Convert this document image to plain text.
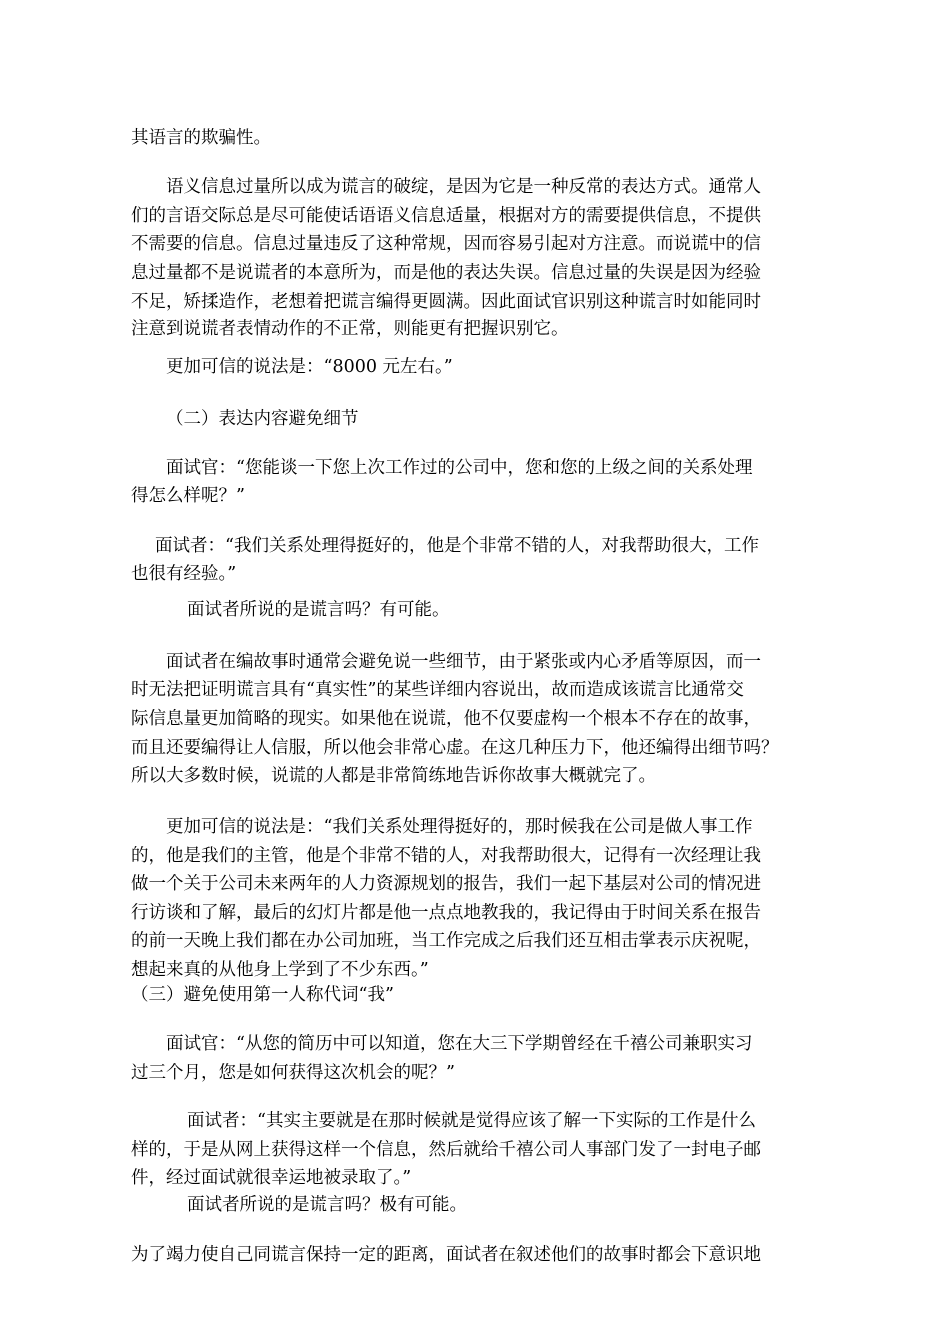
其语言的欺骗性。
语义信息过量所以成为谎言的破绽，是因为它是一种反常的表达方式。通常人
们的言语交际总是尽可能使话语语义信息适量，根据对方的需要提供信息，不提供
不需要的信息。信息过量违反了这种常规，因而容易引起对方注意。而说谎中的信
息过量都不是说谎者的本意所为，而是他的表达失误。信息过量的失误是因为经验
不足，矫揉造作，老想着把谎言编得更圆满。因此面试官识别这种谎言时如能同时
注意到说谎者表情动作的不正常，则能更有把握识别它。
更加可信的说法是：“8000 元左右。”
（二）表达内容避免细节
面试官：“您能谈一下您上次工作过的公司中，您和您的上级之间的关系处理
得怎么样呢？”
面试者：“我们关系处理得挺好的，他是个非常不错的人，对我帮助很大，工作
也很有经验。”
面试者所说的是谎言吗？有可能。
面试者在编故事时通常会避免说一些细节，由于紧张或内心矛盾等原因，而一
时无法把证明谎言具有“真实性”的某些详细内容说出，故而造成该谎言比通常交
际信息量更加简略的现实。如果他在说谎，他不仅要虚构一个根本不存在的故事，
而且还要编得让人信服，所以他会非常心虚。在这几种压力下，他还编得出细节吗？
所以大多数时候，说谎的人都是非常简练地告诉你故事大概就完了。
更加可信的说法是：“我们关系处理得挺好的，那时候我在公司是做人事工作
的，他是我们的主管，他是个非常不错的人，对我帮助很大，记得有一次经理让我
做一个关于公司未来两年的人力资源规划的报告，我们一起下基层对公司的情况进
行访谈和了解，最后的幻灯片都是他一点点地教我的，我记得由于时间关系在报告
的前一天晚上我们都在办公司加班，当工作完成之后我们还互相击掌表示庆祝呢，
想起来真的从他身上学到了不少东西。”
（三）避免使用第一人称代词“我”
面试官：“从您的简历中可以知道，您在大三下学期曾经在千禧公司兼职实习
过三个月，您是如何获得这次机会的呢？”
面试者：“其实主要就是在那时候就是觉得应该了解一下实际的工作是什么
样的，于是从网上获得这样一个信息，然后就给千禧公司人事部门发了一封电子邮
件，经过面试就很幸运地被录取了。”
面试者所说的是谎言吗？极有可能。
为了竭力使自己同谎言保持一定的距离，面试者在叙述他们的故事时都会下意识地
